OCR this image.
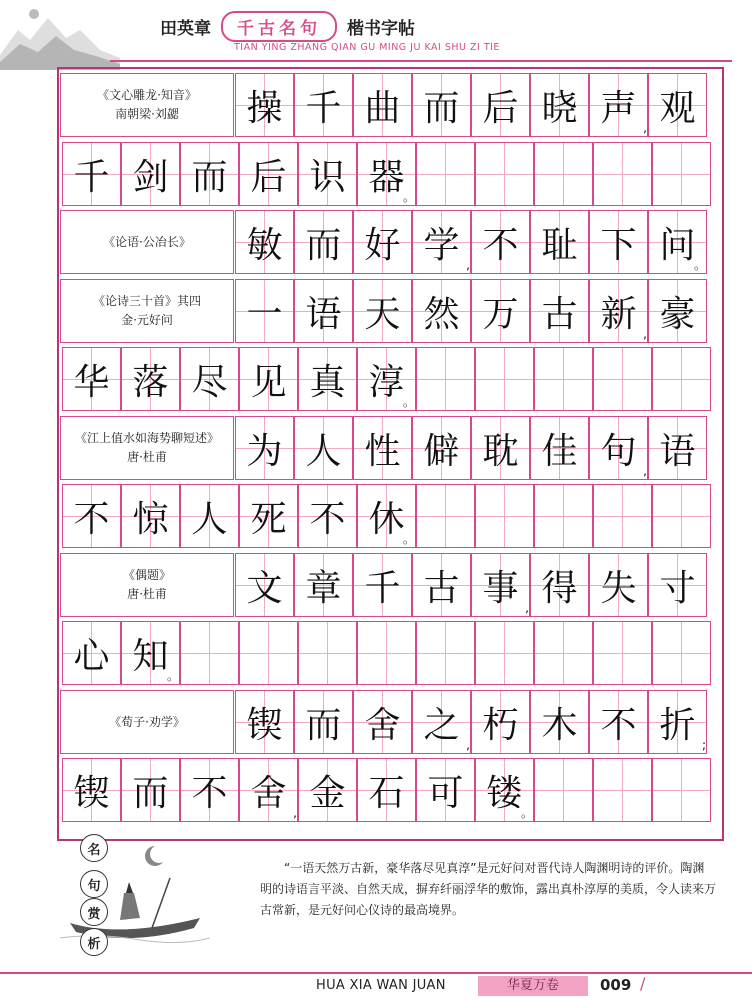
田英章	千古名句	楷书字帖
TIAN YING ZHANG QIAN GU MING JU KAI SHU ZI TIE
《文心雕龙·知音》
南朝梁·刘勰 操 千 曲 而 后 晓 声 , 观
千 剑 而 后 识 器
。
《论语·公冶长》 敏 而 好 学 , 不 耻 下 问
。
《论诗三十首》其四
金·元好问 一 语 天 然 万 古 新 , 豪
华 落 尽 见 真 淳
。
《江上值水如海势聊短述》
唐·杜甫 为 人 性 僻 耽 佳 句 , 语
不 惊 人 死 不 休
。
《偶题》
唐·杜甫 文 章 千 古 事 , 得 失 寸
心 知
。
《荀子·劝学》 锲 而 舍 之 , 朽 木 不 折 ;
锲 而 不 舍 , 金 石 可 镂
。
名
句
赏
析
“一语天然万古新，豪华落尽见真淳”是元好问对晋代诗人陶渊明诗的评价。陶渊明的诗语言平淡、自然天成，摒弃纤丽浮华的敷饰，露出真朴淳厚的美质，令人读来万古常新，是元好问心仪诗的最高境界。
HUA XIA WAN JUAN	华夏万卷	009 /
